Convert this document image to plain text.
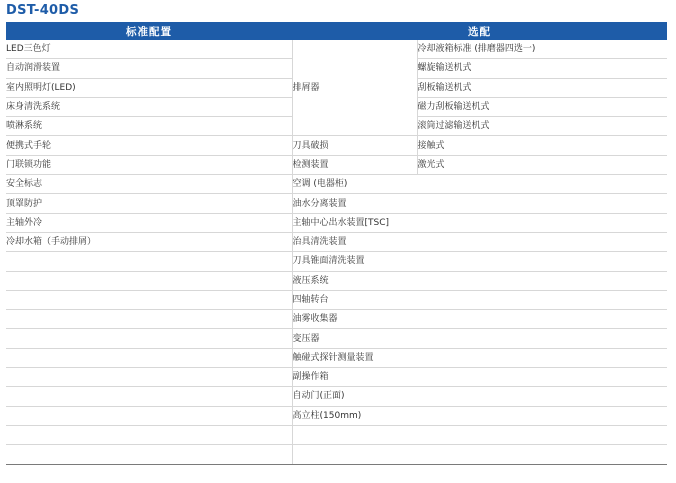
DST-40DS
标准配置	选配	
LED三色灯	排屑器	冷却液箱标准 (排磨器四选一)
自动润滑装置		螺旋输送机式
室内照明灯(LED)		刮板输送机式
床身清洗系统		磁力刮板输送机式
喷淋系统		滚筒过滤输送机式
便携式手轮	刀具破损	接触式
门联锁功能	检测装置	激光式
安全标志	空调 (电器柜)	
顶罩防护	油水分离装置	
主轴外冷	主轴中心出水装置[TSC]	
冷却水箱（手动排屑）	治具清洗装置	
	刀具锥面清洗装置	
	液压系统	
	四轴转台	
	油雾收集器	
	变压器	
	触碰式探针测量装置	
	副操作箱	
	自动门(正面)	
	高立柱(150mm)	
